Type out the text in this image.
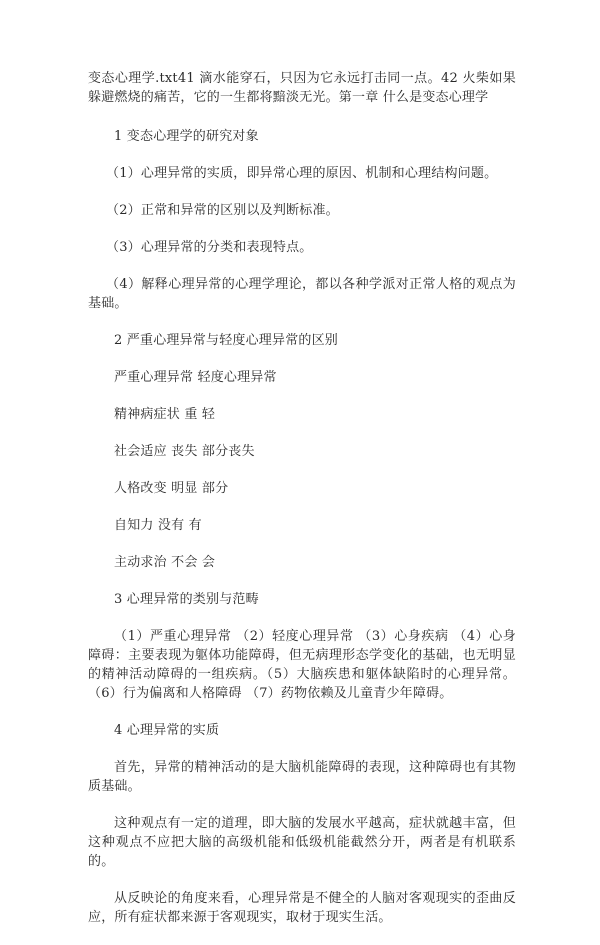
变态心理学.txt41 滴水能穿石，只因为它永远打击同一点。42 火柴如果躲避燃烧的痛苦，它的一生都将黯淡无光。第一章 什么是变态心理学

1 变态心理学的研究对象

（1）心理异常的实质，即异常心理的原因、机制和心理结构问题。

（2）正常和异常的区别以及判断标准。

（3）心理异常的分类和表现特点。

（4）解释心理异常的心理学理论，都以各种学派对正常人格的观点为基础。

2 严重心理异常与轻度心理异常的区别

严重心理异常 轻度心理异常

精神病症状 重 轻

社会适应 丧失 部分丧失

人格改变 明显 部分

自知力 没有 有

主动求治 不会 会

3 心理异常的类别与范畴

（1）严重心理异常 （2）轻度心理异常 （3）心身疾病 （4）心身障碍：主要表现为躯体功能障碍，但无病理形态学变化的基础，也无明显的精神活动障碍的一组疾病。（5）大脑疾患和躯体缺陷时的心理异常。 （6）行为偏离和人格障碍 （7）药物依赖及儿童青少年障碍。

4 心理异常的实质

首先，异常的精神活动的是大脑机能障碍的表现，这种障碍也有其物质基础。

这种观点有一定的道理，即大脑的发展水平越高，症状就越丰富，但这种观点不应把大脑的高级机能和低级机能截然分开，两者是有机联系的。

从反映论的角度来看，心理异常是不健全的人脑对客观现实的歪曲反应，所有症状都来源于客观现实，取材于现实生活。
